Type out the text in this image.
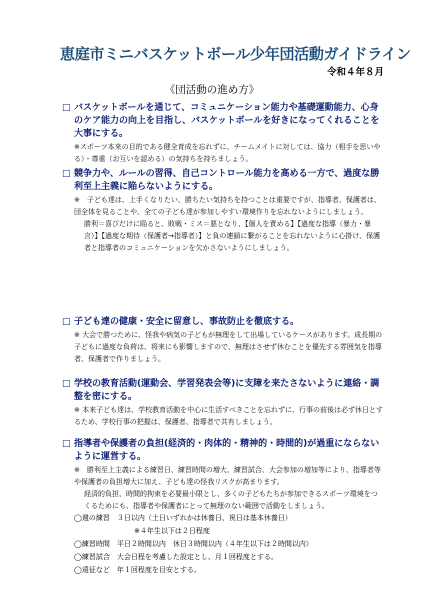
恵庭市ミニバスケットボール少年団活動ガイドライン
令和４年８月
《団活動の進め方》
□ バスケットボールを通じて、コミュニケーション能力や基礎運動能力、心身のケア能力の向上を目指し、バスケットボールを好きになってくれることを大事にする。
※スポーツ本来の目的である健全育成を忘れずに、チームメイトに対しては、協力（相手を思いやる）・尊重（お互いを認める）の気持ちを持ちましょう。
□ 競争力や、ルールの習得、自己コントロール能力を高める一方で、過度な勝利至上主義に陥らないようにする。
※　子ども達は、上手くなりたい、勝ちたい気持ちを持つことは重要ですが、指導者、保護者は、団全体を見ることや、全ての子ども達が参加しやすい環境作りを忘れないようにしましょう。
勝利＝喜びだけに陥ると、敗戦・ミス＝悪となり、【個人を責める】【過度な指導（暴力・暴言）】【過度な期待（保護者→指導者）】と負の連鎖に繋がることを忘れないように心掛け、保護者と指導者のコミュニケーションを欠かさないようにしましょう。
□ 子ども達の健康・安全に留意し、事故防止を徹底する。
※ 大会で勝つために、怪我や病気の子どもが無理をして出場しているケースがあります。成長期の子どもに過度な負荷は、将来にも影響しますので、無理はさせず休むことを優先する雰囲気を指導者、保護者で作りましょう。
□ 学校の教育活動(運動会、学習発表会等)に支障を来たさないように連絡・調整を密にする。
※ 本来子ども達は、学校教育活動を中心に生活すべきことを忘れずに、行事の前後は必ず休日とするため、学校行事の把握は、保護者、指導者で共有しましょう。
□ 指導者や保護者の負担(経済的・肉体的・精神的・時間的)が過重にならないように運営する。
※　勝利至上主義による練習日、練習時間の増大、練習試合、大会参加の増加等により、指導者等や保護者の負担増大に加え、子ども達の怪我リスクが高まります。
経済的負担、時間的拘束を必要最小限とし、多くの子どもたちが参加できるスポーツ環境をつくるためにも、指導者や保護者にとって無理のない範囲で活動をしましょう。
◯週の練習　３日以内（土日いずれかは休養日、祝日は基本休養日）
※４年生以下は２日程度
◯練習時間　平日２時間以内　休日３時間以内（４年生以下は２時間以内）
◯練習試合　大会日程を考慮した設定とし、月１回程度とする。
◯遠征など　年１回程度を目安とする。
